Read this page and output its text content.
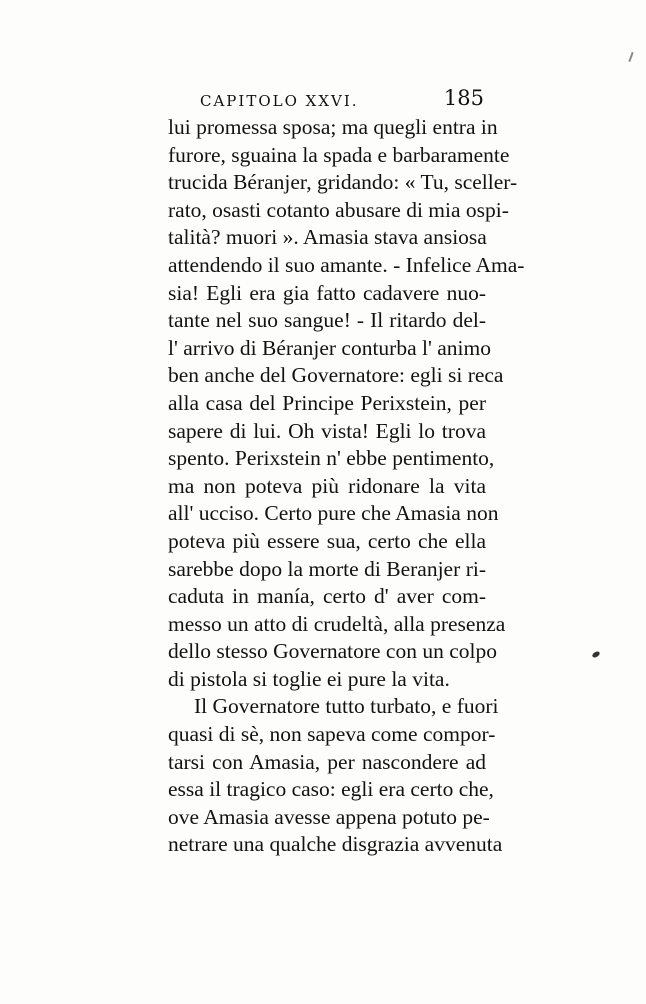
CAPITOLO XXVI.	185
lui promessa sposa; ma quegli entra in
furore, sguaina la spada e barbaramente
trucida Béranjer, gridando: « Tu, sceller-
rato, osasti cotanto abusare di mia ospi-
talità? muori ». Amasia stava ansiosa
attendendo il suo amante. - Infelice Ama-
sia! Egli era gia fatto cadavere nuo-
tante nel suo sangue! - Il ritardo del-
l' arrivo di Béranjer conturba l' animo
ben anche del Governatore: egli si reca
alla casa del Principe Perixstein, per
sapere di lui. Oh vista! Egli lo trova
spento. Perixstein n' ebbe pentimento,
ma non poteva più ridonare la vita
all' ucciso. Certo pure che Amasia non
poteva più essere sua, certo che ella
sarebbe dopo la morte di Beranjer ri-
caduta in manía, certo d' aver com-
messo un atto di crudeltà, alla presenza
dello stesso Governatore con un colpo
di pistola si toglie ei pure la vita.
Il Governatore tutto turbato, e fuori
quasi di sè, non sapeva come compor-
tarsi con Amasia, per nascondere ad
essa il tragico caso: egli era certo che,
ove Amasia avesse appena potuto pe-
netrare una qualche disgrazia avvenuta
